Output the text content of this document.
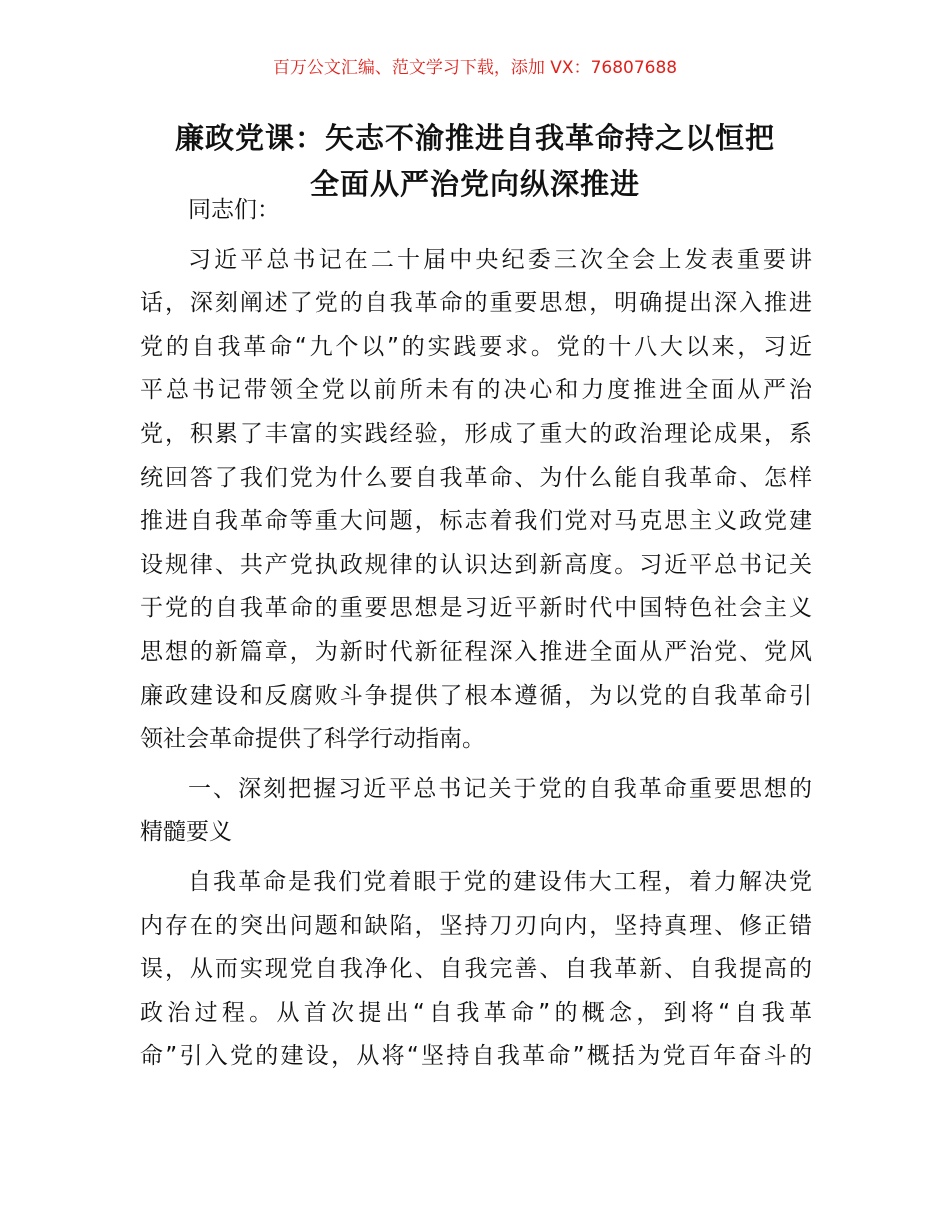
百万公文汇编、范文学习下载，添加 VX：76807688
廉政党课：矢志不渝推进自我革命持之以恒把
全面从严治党向纵深推进
同志们：
习近平总书记在二十届中央纪委三次全会上发表重要讲
话，深刻阐述了党的自我革命的重要思想，明确提出深入推进
党的自我革命“九个以”的实践要求。党的十八大以来，习近
平总书记带领全党以前所未有的决心和力度推进全面从严治
党，积累了丰富的实践经验，形成了重大的政治理论成果，系
统回答了我们党为什么要自我革命、为什么能自我革命、怎样
推进自我革命等重大问题，标志着我们党对马克思主义政党建
设规律、共产党执政规律的认识达到新高度。习近平总书记关
于党的自我革命的重要思想是习近平新时代中国特色社会主义
思想的新篇章，为新时代新征程深入推进全面从严治党、党风
廉政建设和反腐败斗争提供了根本遵循，为以党的自我革命引
领社会革命提供了科学行动指南。
一、深刻把握习近平总书记关于党的自我革命重要思想的
精髓要义
自我革命是我们党着眼于党的建设伟大工程，着力解决党
内存在的突出问题和缺陷，坚持刀刃向内，坚持真理、修正错
误，从而实现党自我净化、自我完善、自我革新、自我提高的
政治过程。从首次提出“自我革命”的概念，到将“自我革
命”引入党的建设，从将“坚持自我革命”概括为党百年奋斗的
